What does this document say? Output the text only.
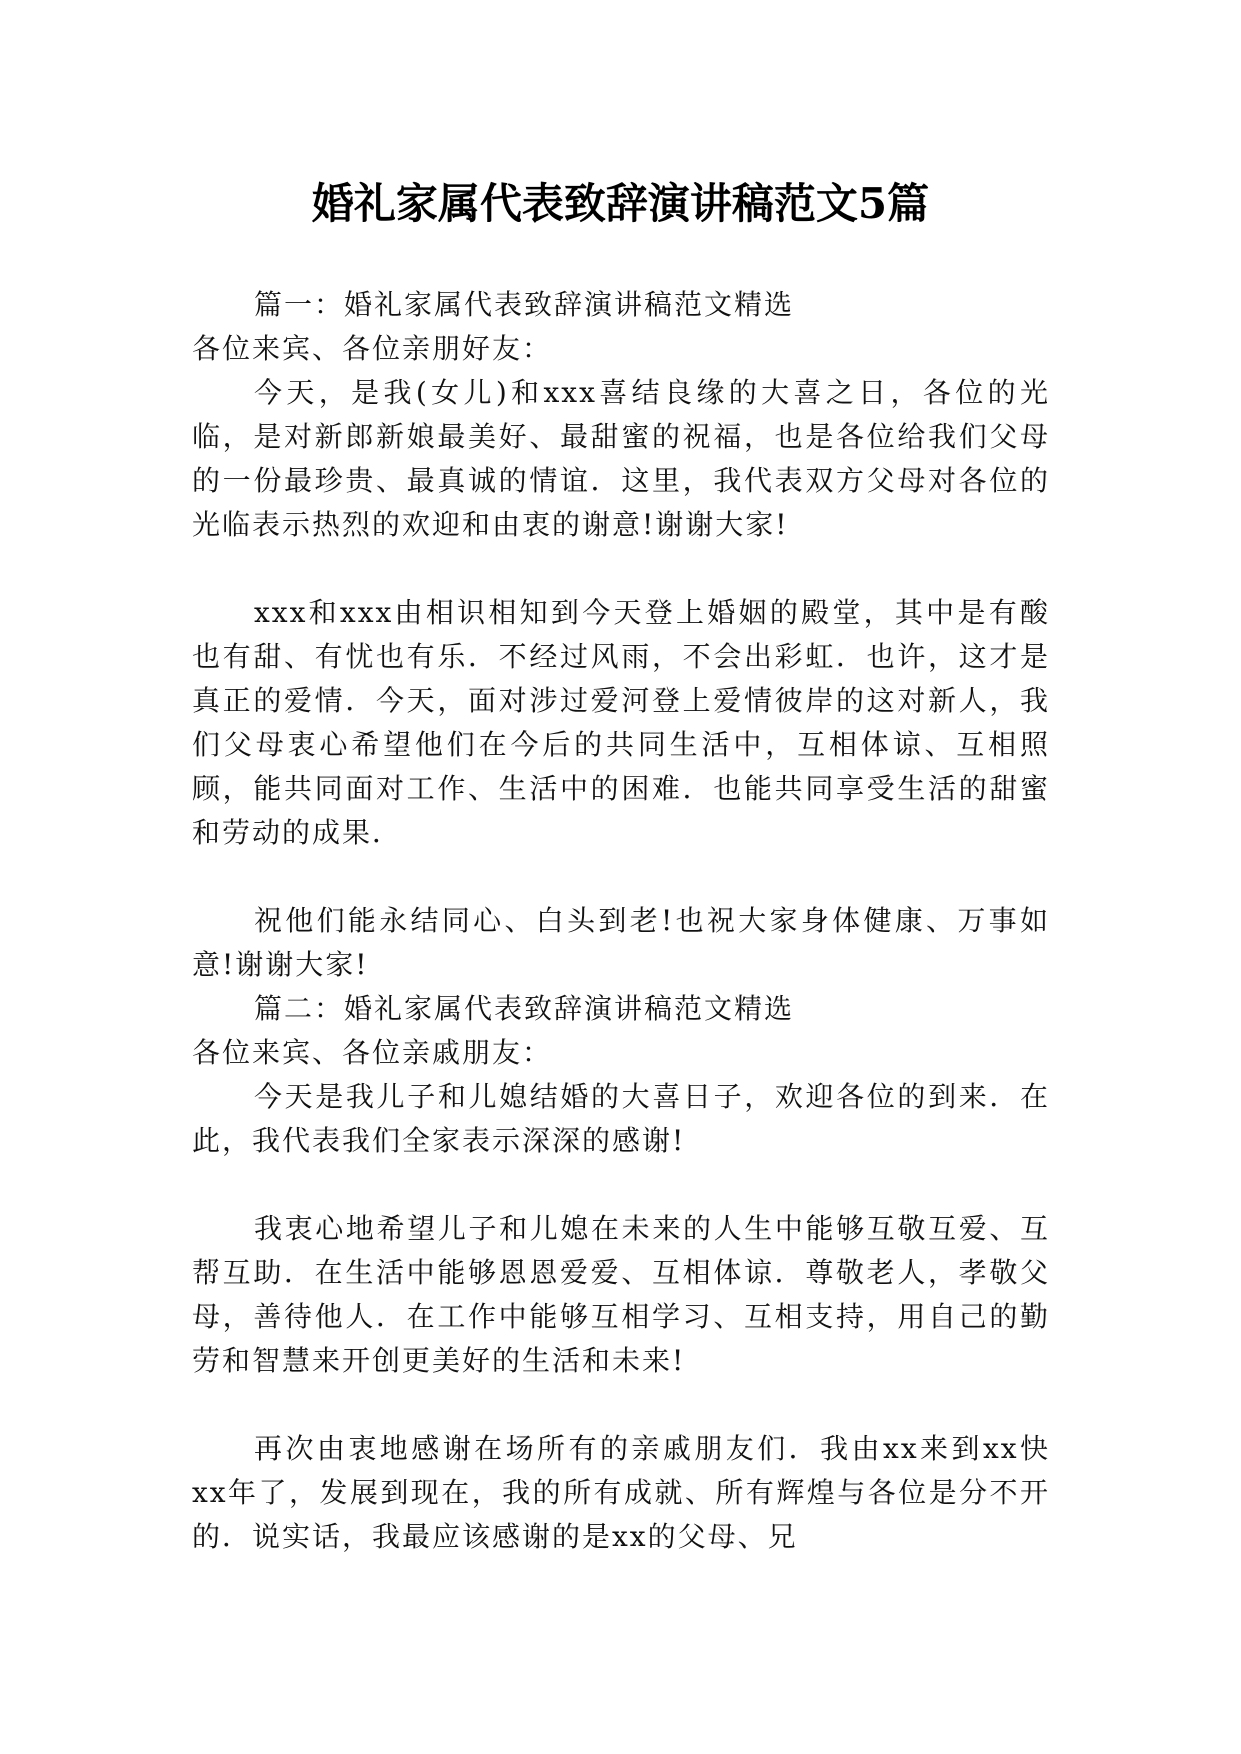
婚礼家属代表致辞演讲稿范文5篇

篇一：婚礼家属代表致辞演讲稿范文精选

各位来宾、各位亲朋好友：

今天，是我(女儿)和xxx喜结良缘的大喜之日，各位的光临，是对新郎新娘最美好、最甜蜜的祝福，也是各位给我们父母的一份最珍贵、最真诚的情谊．这里，我代表双方父母对各位的光临表示热烈的欢迎和由衷的谢意!谢谢大家!

xxx和xxx由相识相知到今天登上婚姻的殿堂，其中是有酸也有甜、有忧也有乐．不经过风雨，不会出彩虹．也许，这才是真正的爱情．今天，面对涉过爱河登上爱情彼岸的这对新人，我们父母衷心希望他们在今后的共同生活中，互相体谅、互相照顾，能共同面对工作、生活中的困难．也能共同享受生活的甜蜜和劳动的成果．

祝他们能永结同心、白头到老!也祝大家身体健康、万事如意!谢谢大家!

篇二：婚礼家属代表致辞演讲稿范文精选

各位来宾、各位亲戚朋友：

今天是我儿子和儿媳结婚的大喜日子，欢迎各位的到来．在此，我代表我们全家表示深深的感谢!

我衷心地希望儿子和儿媳在未来的人生中能够互敬互爱、互帮互助．在生活中能够恩恩爱爱、互相体谅．尊敬老人，孝敬父母，善待他人．在工作中能够互相学习、互相支持，用自己的勤劳和智慧来开创更美好的生活和未来!

再次由衷地感谢在场所有的亲戚朋友们．我由xx来到xx快xx年了，发展到现在，我的所有成就、所有辉煌与各位是分不开的．说实话，我最应该感谢的是xx的父母、兄
